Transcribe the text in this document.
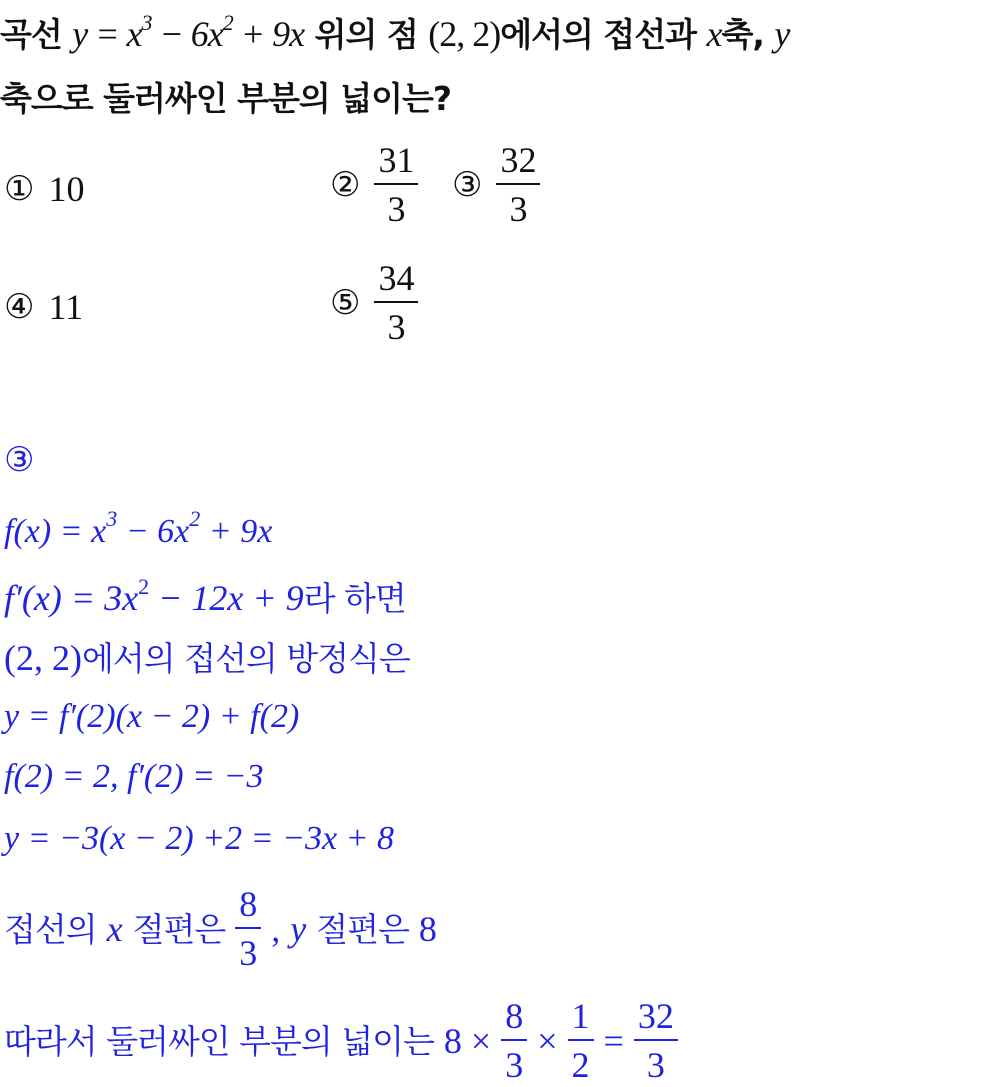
곡선 $y = x^3 - 6x^2 + 9x$ 위의 점 (2, 2)에서의 접선과 x축, y
축으로 둘러싸인 부분의 넓이는?
① 10	② $\frac{31}{3}$ ③ $\frac{32}{3}$
④ 11	⑤ $\frac{34}{3}$
③
$f(x) = x^3 - 6x^2 + 9x$
$f'(x) = 3x^2 - 12x + 9$라 하면
(2, 2)에서의 접선의 방정식은
y = f′(2)(x − 2) + f(2)
f(2) = 2, f′(2) = −3
y = −3(x − 2) +2 = −3x + 8
접선의 x 절편은 $\frac{8}{3}$ , y 절편은 8
따라서 둘러싸인 부분의 넓이는 $8 \times \frac{8}{3} \times \frac{1}{2} = \frac{32}{3}$
